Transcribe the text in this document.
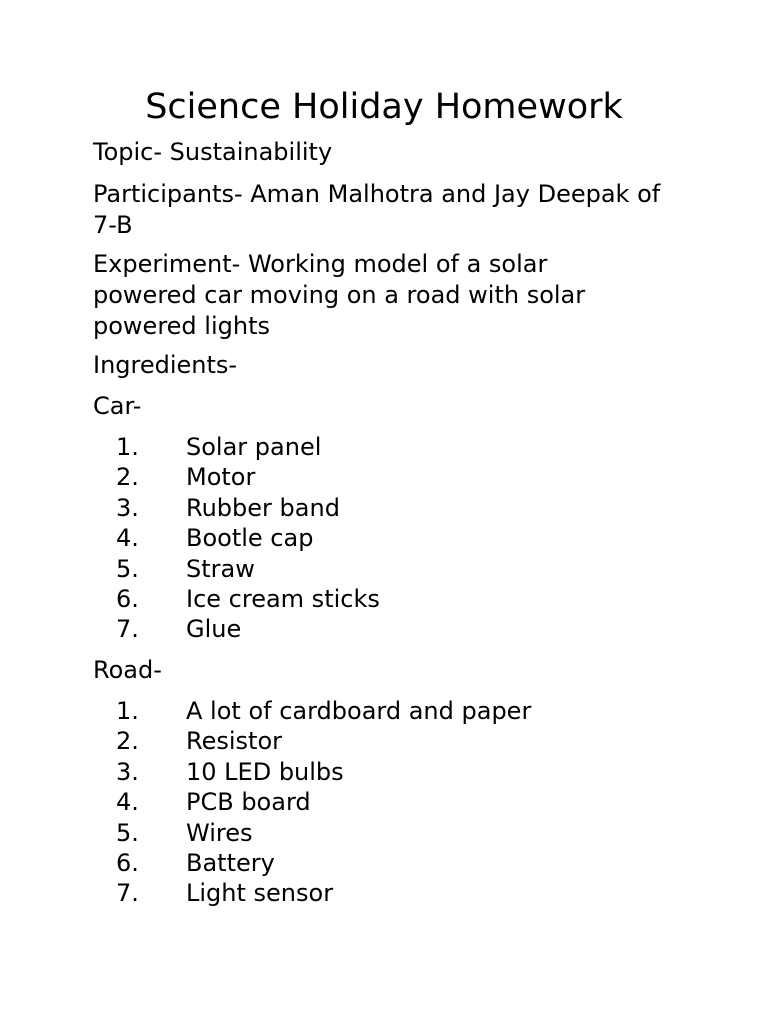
Science Holiday Homework
Topic- Sustainability
Participants- Aman Malhotra and Jay Deepak of 7-B
Experiment- Working model of a solar powered car moving on a road with solar powered lights
Ingredients-
Car-
1. Solar panel
2. Motor
3. Rubber band
4. Bootle cap
5. Straw
6. Ice cream sticks
7. Glue
Road-
1. A lot of cardboard and paper
2. Resistor
3. 10 LED bulbs
4. PCB board
5. Wires
6. Battery
7. Light sensor
